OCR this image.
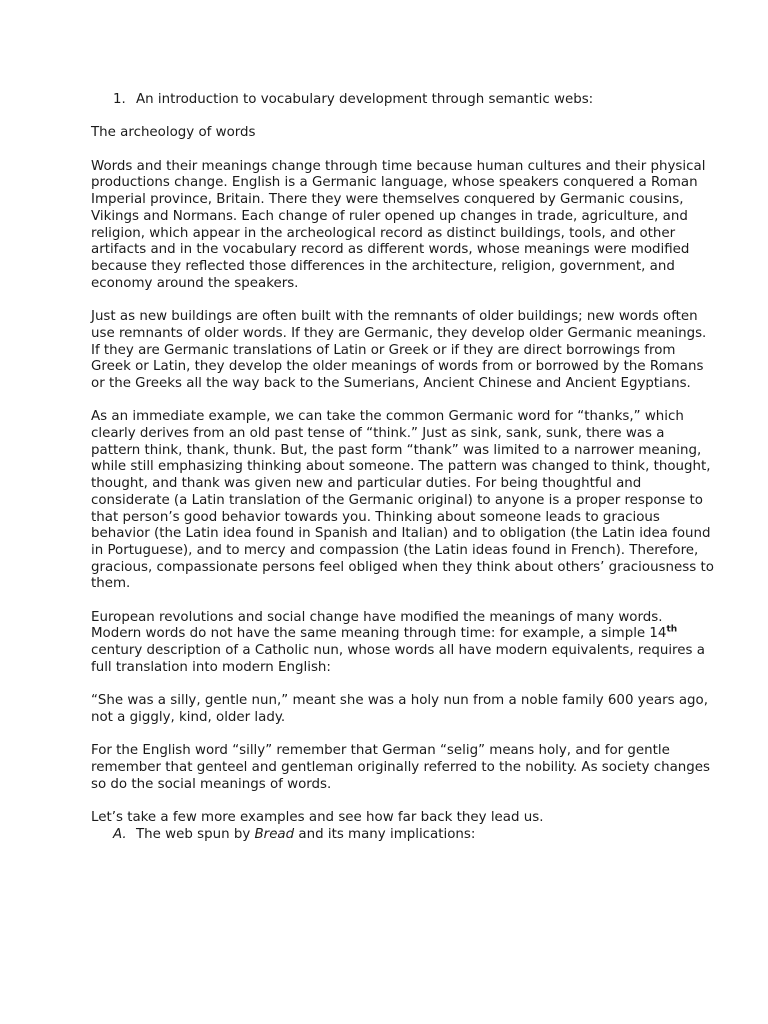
1. An introduction to vocabulary development through semantic webs:

The archeology of words

Words and their meanings change through time because human cultures and their physical productions change. English is a Germanic language, whose speakers conquered a Roman Imperial province, Britain. There they were themselves conquered by Germanic cousins, Vikings and Normans. Each change of ruler opened up changes in trade, agriculture, and religion, which appear in the archeological record as distinct buildings, tools, and other artifacts and in the vocabulary record as different words, whose meanings were modified because they reflected those differences in the architecture, religion, government, and economy around the speakers.

Just as new buildings are often built with the remnants of older buildings; new words often use remnants of older words. If they are Germanic, they develop older Germanic meanings. If they are Germanic translations of Latin or Greek or if they are direct borrowings from Greek or Latin, they develop the older meanings of words from or borrowed by the Romans or the Greeks all the way back to the Sumerians, Ancient Chinese and Ancient Egyptians.

As an immediate example, we can take the common Germanic word for “thanks,” which clearly derives from an old past tense of “think.” Just as sink, sank, sunk, there was a pattern think, thank, thunk. But, the past form “thank” was limited to a narrower meaning, while still emphasizing thinking about someone. The pattern was changed to think, thought, thought, and thank was given new and particular duties. For being thoughtful and considerate (a Latin translation of the Germanic original) to anyone is a proper response to that person’s good behavior towards you. Thinking about someone leads to gracious behavior (the Latin idea found in Spanish and Italian) and to obligation (the Latin idea found in Portuguese), and to mercy and compassion (the Latin ideas found in French). Therefore, gracious, compassionate persons feel obliged when they think about others’ graciousness to them.

European revolutions and social change have modified the meanings of many words. Modern words do not have the same meaning through time: for example, a simple 14th century description of a Catholic nun, whose words all have modern equivalents, requires a full translation into modern English:

“She was a silly, gentle nun,” meant she was a holy nun from a noble family 600 years ago, not a giggly, kind, older lady.

For the English word “silly” remember that German “selig” means holy, and for gentle remember that genteel and gentleman originally referred to the nobility. As society changes so do the social meanings of words.

Let’s take a few more examples and see how far back they lead us.

A. The web spun by Bread and its many implications:
